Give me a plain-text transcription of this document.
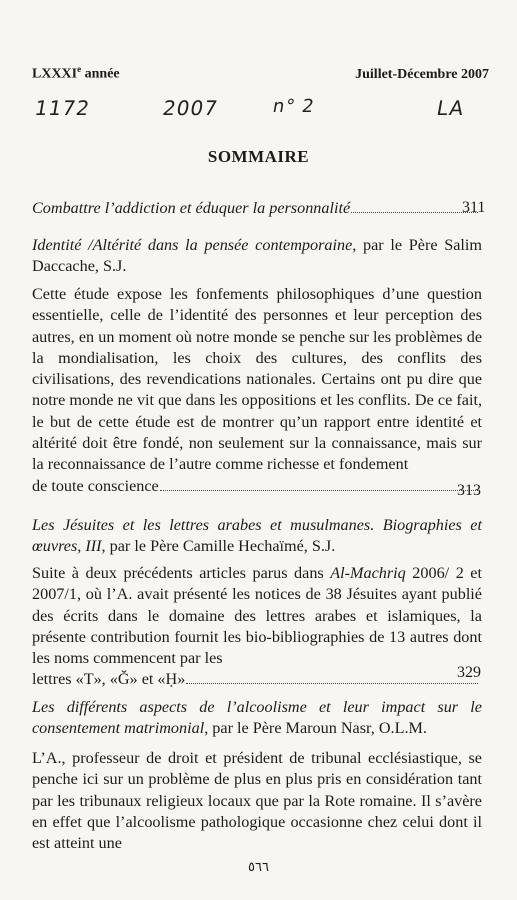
LXXXIe année	Juillet-Décembre 2007
1172	2007	n° 2	LA
SOMMAIRE
Combattre l’addiction et éduquer la personnalité	311
Identité /Altérité dans la pensée contemporaine, par le Père Salim Daccache, S.J.
Cette étude expose les fonfements philosophiques d’une question essentielle, celle de l’identité des personnes et leur perception des autres, en un moment où notre monde se penche sur les problèmes de la mondialisation, les choix des cultures, des conflits des civilisations, des revendications nationales. Certains ont pu dire que notre monde ne vit que dans les oppositions et les conflits. De ce fait, le but de cette étude est de montrer qu’un rapport entre identité et altérité doit être fondé, non seulement sur la connaissance, mais sur la reconnaissance de l’autre comme richesse et fondement
de toute conscience	313
Les Jésuites et les lettres arabes et musulmanes. Biographies et œuvres, III, par le Père Camille Hechaïmé, S.J.
Suite à deux précédents articles parus dans Al-Machriq 2006/ 2 et 2007/1, où l’A. avait présenté les notices de 38 Jésuites ayant publié des écrits dans le domaine des lettres arabes et islamiques, la présente contribution fournit les bio-bibliographies de 13 autres dont les noms commencent par les
lettres «T», «Ğ» et «Ḥ»	329
Les différents aspects de l’alcoolisme et leur impact sur le consentement matrimonial, par le Père Maroun Nasr, O.L.M.
L’A., professeur de droit et président de tribunal ecclésiastique, se penche ici sur un problème de plus en plus pris en considération tant par les tribunaux religieux locaux que par la Rote romaine. Il s’avère en effet que l’alcoolisme pathologique occasionne chez celui dont il est atteint une
٥٦٦
